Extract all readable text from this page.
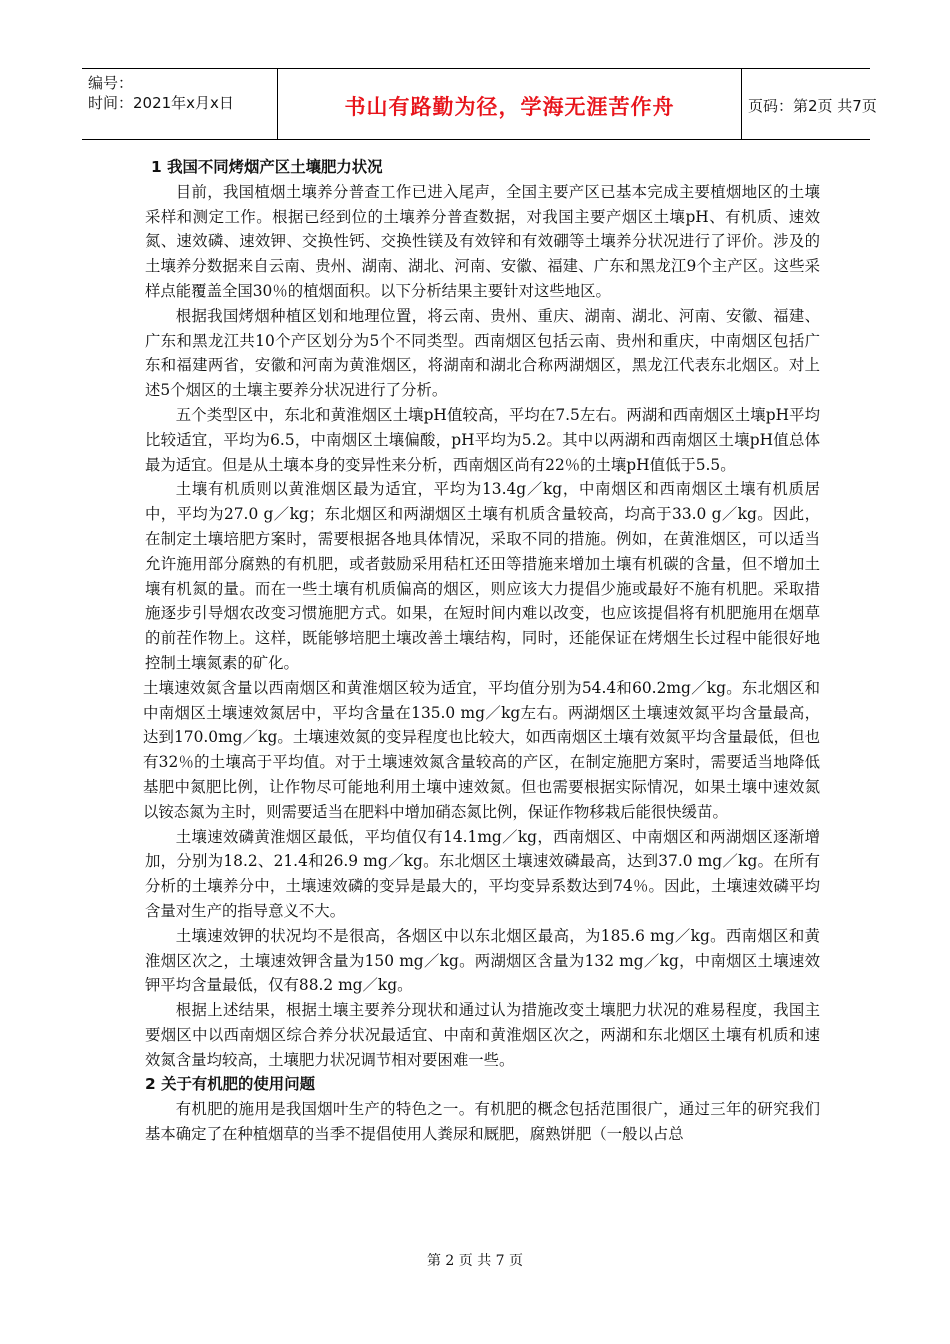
编号：
时间：2021年x月x日	书山有路勤为径，学海无涯苦作舟	页码：第2页 共7页
1 我国不同烤烟产区土壤肥力状况

目前，我国植烟土壤养分普查工作已进入尾声，全国主要产区已基本完成主要植烟地区的土壤采样和测定工作。根据已经到位的土壤养分普查数据，对我国主要产烟区土壤pH、有机质、速效氮、速效磷、速效钾、交换性钙、交换性镁及有效锌和有效硼等土壤养分状况进行了评价。涉及的土壤养分数据来自云南、贵州、湖南、湖北、河南、安徽、福建、广东和黑龙江9个主产区。这些采样点能覆盖全国30％的植烟面积。以下分析结果主要针对这些地区。

根据我国烤烟种植区划和地理位置，将云南、贵州、重庆、湖南、湖北、河南、安徽、福建、广东和黑龙江共10个产区划分为5个不同类型。西南烟区包括云南、贵州和重庆，中南烟区包括广东和福建两省，安徽和河南为黄淮烟区，将湖南和湖北合称两湖烟区，黑龙江代表东北烟区。对上述5个烟区的土壤主要养分状况进行了分析。

五个类型区中，东北和黄淮烟区土壤pH值较高，平均在7.5左右。两湖和西南烟区土壤pH平均比较适宜，平均为6.5，中南烟区土壤偏酸，pH平均为5.2。其中以两湖和西南烟区土壤pH值总体最为适宜。但是从土壤本身的变异性来分析，西南烟区尚有22％的土壤pH值低于5.5。

土壤有机质则以黄淮烟区最为适宜，平均为13.4g／kg，中南烟区和西南烟区土壤有机质居中，平均为27.0 g／kg；东北烟区和两湖烟区土壤有机质含量较高，均高于33.0 g／kg。因此，在制定土壤培肥方案时，需要根据各地具体情况，采取不同的措施。例如，在黄淮烟区，可以适当允许施用部分腐熟的有机肥，或者鼓励采用秸杠还田等措施来增加土壤有机碳的含量，但不增加土壤有机氮的量。而在一些土壤有机质偏高的烟区，则应该大力提倡少施或最好不施有机肥。采取措施逐步引导烟农改变习惯施肥方式。如果，在短时间内难以改变，也应该提倡将有机肥施用在烟草的前茬作物上。这样，既能够培肥土壤改善土壤结构，同时，还能保证在烤烟生长过程中能很好地控制土壤氮素的矿化。

土壤速效氮含量以西南烟区和黄淮烟区较为适宜，平均值分别为54.4和60.2mg／kg。东北烟区和中南烟区土壤速效氮居中，平均含量在135.0 mg／kg左右。两湖烟区土壤速效氮平均含量最高，达到170.0mg／kg。土壤速效氮的变异程度也比较大，如西南烟区土壤有效氮平均含量最低，但也有32％的土壤高于平均值。对于土壤速效氮含量较高的产区，在制定施肥方案时，需要适当地降低基肥中氮肥比例，让作物尽可能地利用土壤中速效氮。但也需要根据实际情况，如果土壤中速效氮以铵态氮为主时，则需要适当在肥料中增加硝态氮比例，保证作物移栽后能很快缓苗。

土壤速效磷黄淮烟区最低，平均值仅有14.1mg／kg，西南烟区、中南烟区和两湖烟区逐渐增加，分别为18.2、21.4和26.9 mg／kg。东北烟区土壤速效磷最高，达到37.0 mg／kg。在所有分析的土壤养分中，土壤速效磷的变异是最大的，平均变异系数达到74％。因此，土壤速效磷平均含量对生产的指导意义不大。

土壤速效钾的状况均不是很高，各烟区中以东北烟区最高，为185.6 mg／kg。西南烟区和黄淮烟区次之，土壤速效钾含量为150 mg／kg。两湖烟区含量为132 mg／kg，中南烟区土壤速效钾平均含量最低，仅有88.2 mg／kg。

根据上述结果，根据土壤主要养分现状和通过认为措施改变土壤肥力状况的难易程度，我国主要烟区中以西南烟区综合养分状况最适宜、中南和黄淮烟区次之，两湖和东北烟区土壤有机质和速效氮含量均较高，土壤肥力状况调节相对要困难一些。

2 关于有机肥的使用问题

有机肥的施用是我国烟叶生产的特色之一。有机肥的概念包括范围很广，通过三年的研究我们基本确定了在种植烟草的当季不提倡使用人粪尿和厩肥，腐熟饼肥（一般以占总

第 2 页 共 7 页
